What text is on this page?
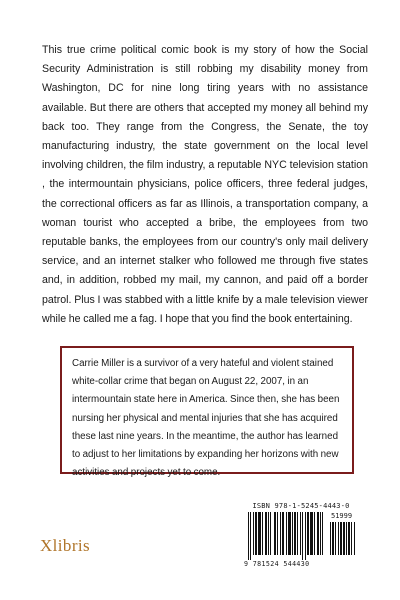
This true crime political comic book is my story of how the Social Security Administration is still robbing my disability money from Washington, DC for nine long tiring years with no assistance available. But there are others that accepted my money all behind my back too. They range from the Congress, the Senate, the toy manufacturing industry, the state government on the local level involving children, the film industry, a reputable NYC television station , the intermountain physicians, police officers, three federal judges, the correctional officers as far as Illinois, a transportation company, a woman tourist who accepted a bribe, the employees from two reputable banks, the employees from our country's only mail delivery service, and an internet stalker who followed me through five states and, in addition, robbed my mail, my cannon, and paid off a border patrol. Plus I was stabbed with a little knife by a male television viewer while he called me a fag. I hope that you find the book entertaining.

Carrie Miller is a survivor of a very hateful and violent stained white-collar crime that began on August 22, 2007, in an intermountain state here in America. Since then, she has been nursing her physical and mental injuries that she has acquired these last nine years. In the meantime, the author has learned to adjust to her limitations by expanding her horizons with new activities and projects yet to come.

Xlibris
ISBN 978-1-5245-4443-0
51999
9 781524 544430
